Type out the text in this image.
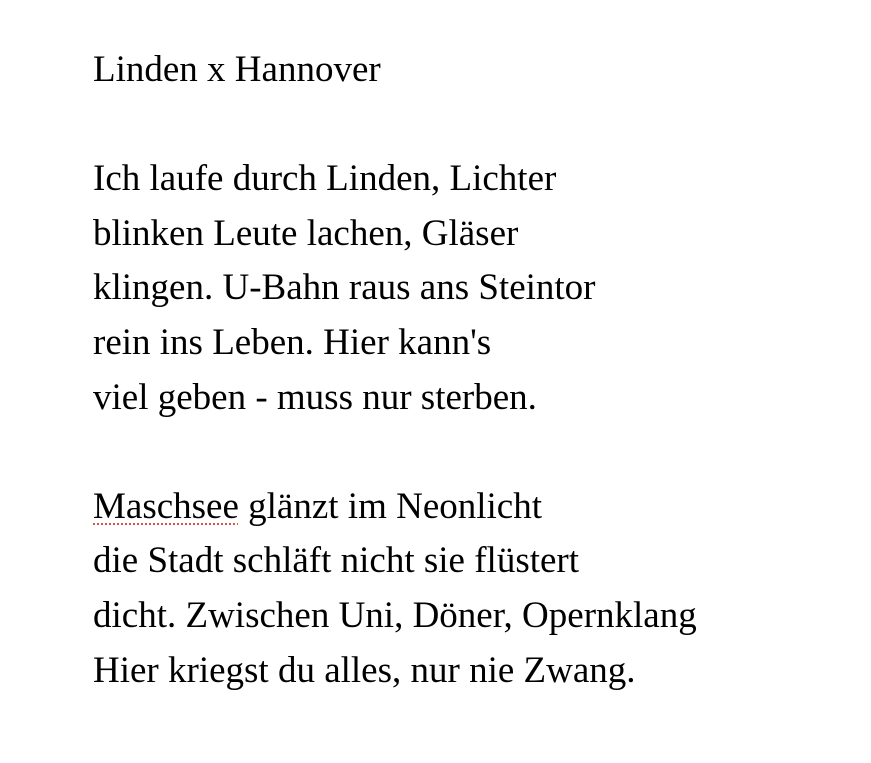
Linden x Hannover
Ich laufe durch Linden, Lichter
blinken Leute lachen, Gläser
klingen. U-Bahn raus ans Steintor
rein ins Leben. Hier kann's
viel geben - muss nur sterben.
Maschsee glänzt im Neonlicht
die Stadt schläft nicht sie flüstert
dicht. Zwischen Uni, Döner, Opernklang
Hier kriegst du alles, nur nie Zwang.
